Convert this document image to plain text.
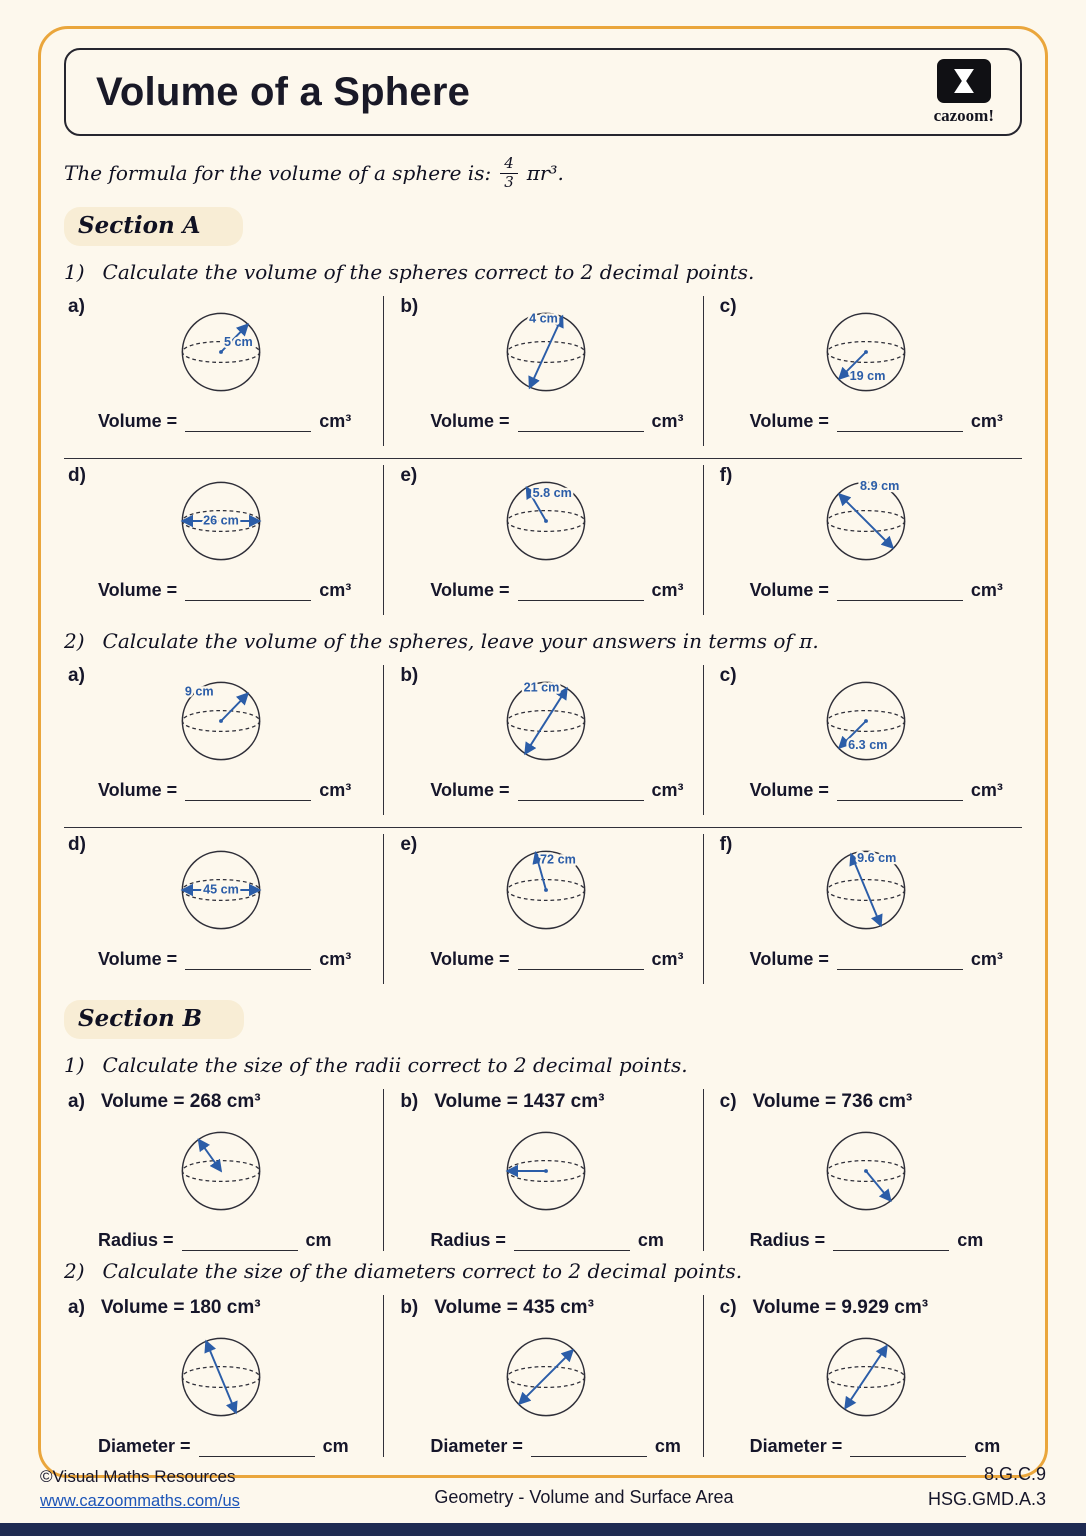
Volume of a Sphere
cazoom!
The formula for the volume of a sphere is: $\frac{4}{3} \pi r^3$.
Section A
1) Calculate the volume of the spheres correct to 2 decimal points.
a)
5 cm
Volume =	cm³
b)
4 cm
Volume =	cm³
c)
19 cm
Volume =	cm³
d)
26 cm
Volume =	cm³
e)
5.8 cm
Volume =	cm³
f)	8.9 cm
Volume =	cm³
2) Calculate the volume of the spheres, leave your answers in terms of π.
a)
9 cm
Volume =	cm³
b)
21 cm
Volume =	cm³
c)
6.3 cm
Volume =	cm³
d)
45 cm
Volume =	cm³
e)
72 cm
Volume =	cm³
f)
9.6 cm
Volume =	cm³
Section B
1) Calculate the size of the radii correct to 2 decimal points.
a) Volume = 268 cm³
Radius =	cm
b) Volume = 1437 cm³
Radius =	cm
c) Volume = 736 cm³
Radius =	cm
2) Calculate the size of the diameters correct to 2 decimal points.
a) Volume = 180 cm³
Diameter =	cm
b) Volume = 435 cm³
Diameter =	cm
c) Volume = 9.929 cm³
Diameter =	cm
©Visual Maths Resources
www.cazoommaths.com/us	Geometry - Volume and Surface Area
8.G.C.9
HSG.GMD.A.3
